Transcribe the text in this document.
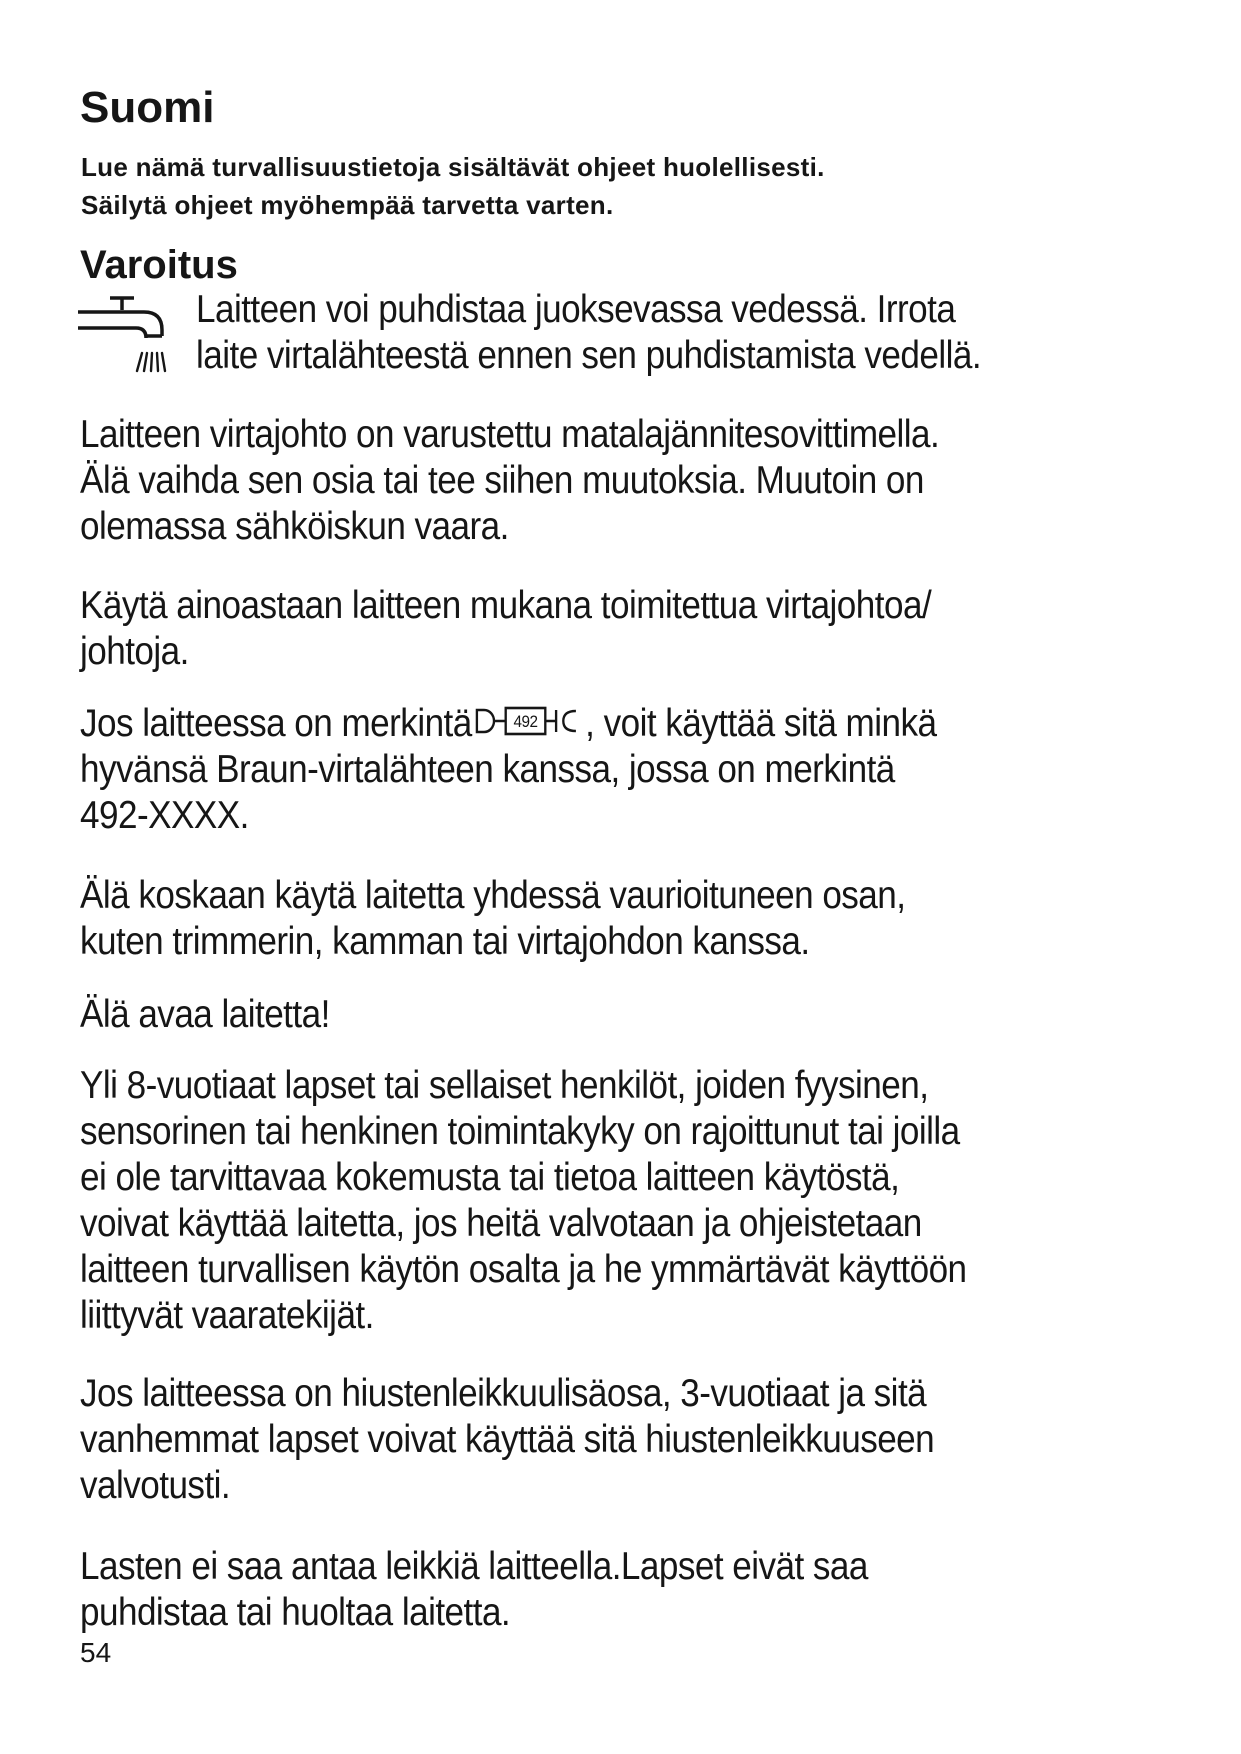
Suomi
Lue nämä turvallisuustietoja sisältävät ohjeet huolellisesti.
Säilytä ohjeet myöhempää tarvetta varten.
Varoitus
Laitteen voi puhdistaa juoksevassa vedessä. Irrota
laite virtalähteestä ennen sen puhdistamista vedellä.
Laitteen virtajohto on varustettu matalajännitesovittimella.
Älä vaihda sen osia tai tee siihen muutoksia. Muutoin on
olemassa sähköiskun vaara.
Käytä ainoastaan laitteen mukana toimitettua virtajohtoa/
johtoja.
Jos laitteessa on merkintä 492 , voit käyttää sitä minkä
hyvänsä Braun-virtalähteen kanssa, jossa on merkintä
492-XXXX.
Älä koskaan käytä laitetta yhdessä vaurioituneen osan,
kuten trimmerin, kamman tai virtajohdon kanssa.
Älä avaa laitetta!
Yli 8-vuotiaat lapset tai sellaiset henkilöt, joiden fyysinen,
sensorinen tai henkinen toimintakyky on rajoittunut tai joilla
ei ole tarvittavaa kokemusta tai tietoa laitteen käytöstä,
voivat käyttää laitetta, jos heitä valvotaan ja ohjeistetaan
laitteen turvallisen käytön osalta ja he ymmärtävät käyttöön
liittyvät vaaratekijät.
Jos laitteessa on hiustenleikkuulisäosa, 3-vuotiaat ja sitä
vanhemmat lapset voivat käyttää sitä hiustenleikkuuseen
valvotusti.
Lasten ei saa antaa leikkiä laitteella.Lapset eivät saa
puhdistaa tai huoltaa laitetta.
54
